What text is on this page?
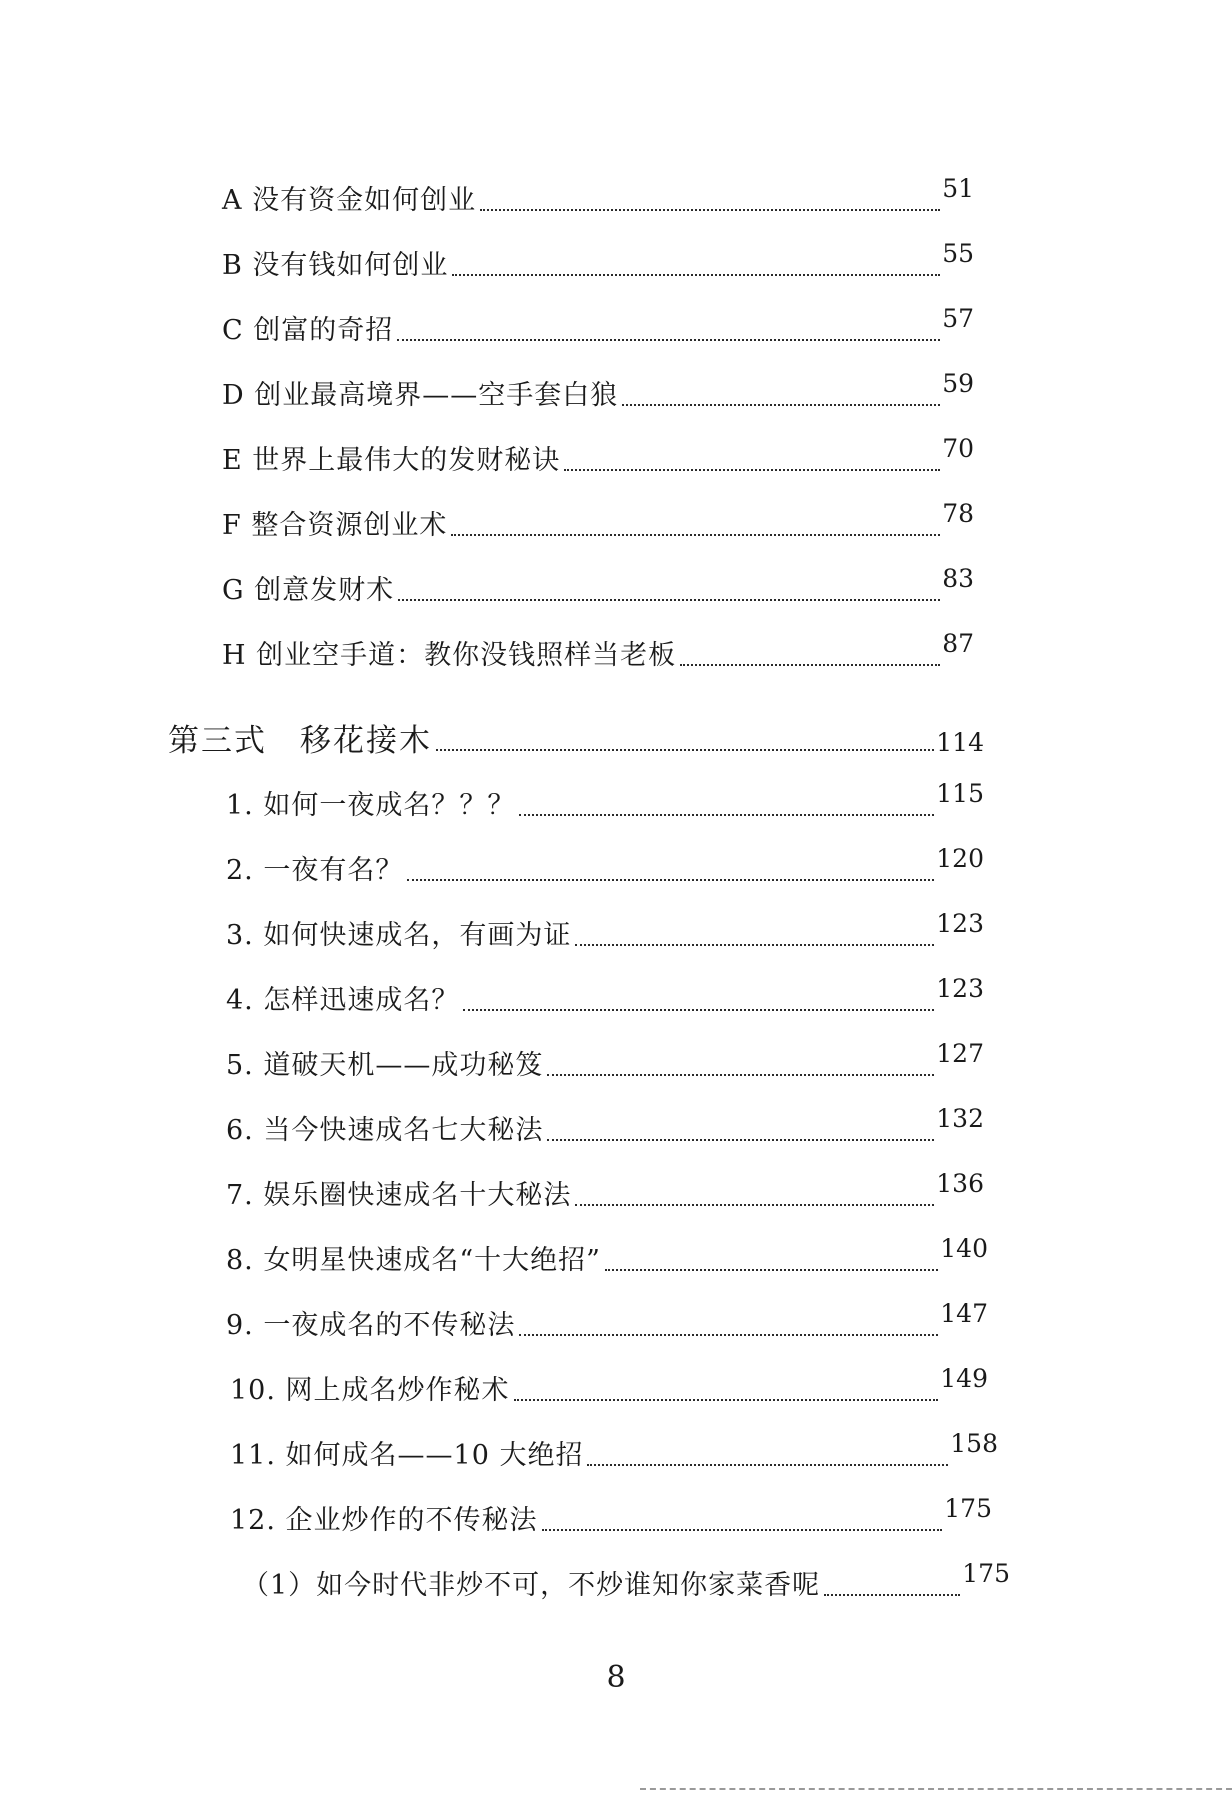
A 没有资金如何创业	51
B 没有钱如何创业	55
C 创富的奇招	57
D 创业最高境界——空手套白狼	59
E 世界上最伟大的发财秘诀	70
F 整合资源创业术	78
G 创意发财术	83
H 创业空手道：教你没钱照样当老板	87
第三式　移花接木	114
1. 如何一夜成名？？？	115
2. 一夜有名？	120
3. 如何快速成名，有画为证	123
4. 怎样迅速成名？	123
5. 道破天机——成功秘笈	127
6. 当今快速成名七大秘法	132
7. 娱乐圈快速成名十大秘法	136
8. 女明星快速成名“十大绝招”	140
9. 一夜成名的不传秘法	147
10. 网上成名炒作秘术	149
11. 如何成名——10 大绝招	158
12. 企业炒作的不传秘法	175
（1）如今时代非炒不可，不炒谁知你家菜香呢	175
8
